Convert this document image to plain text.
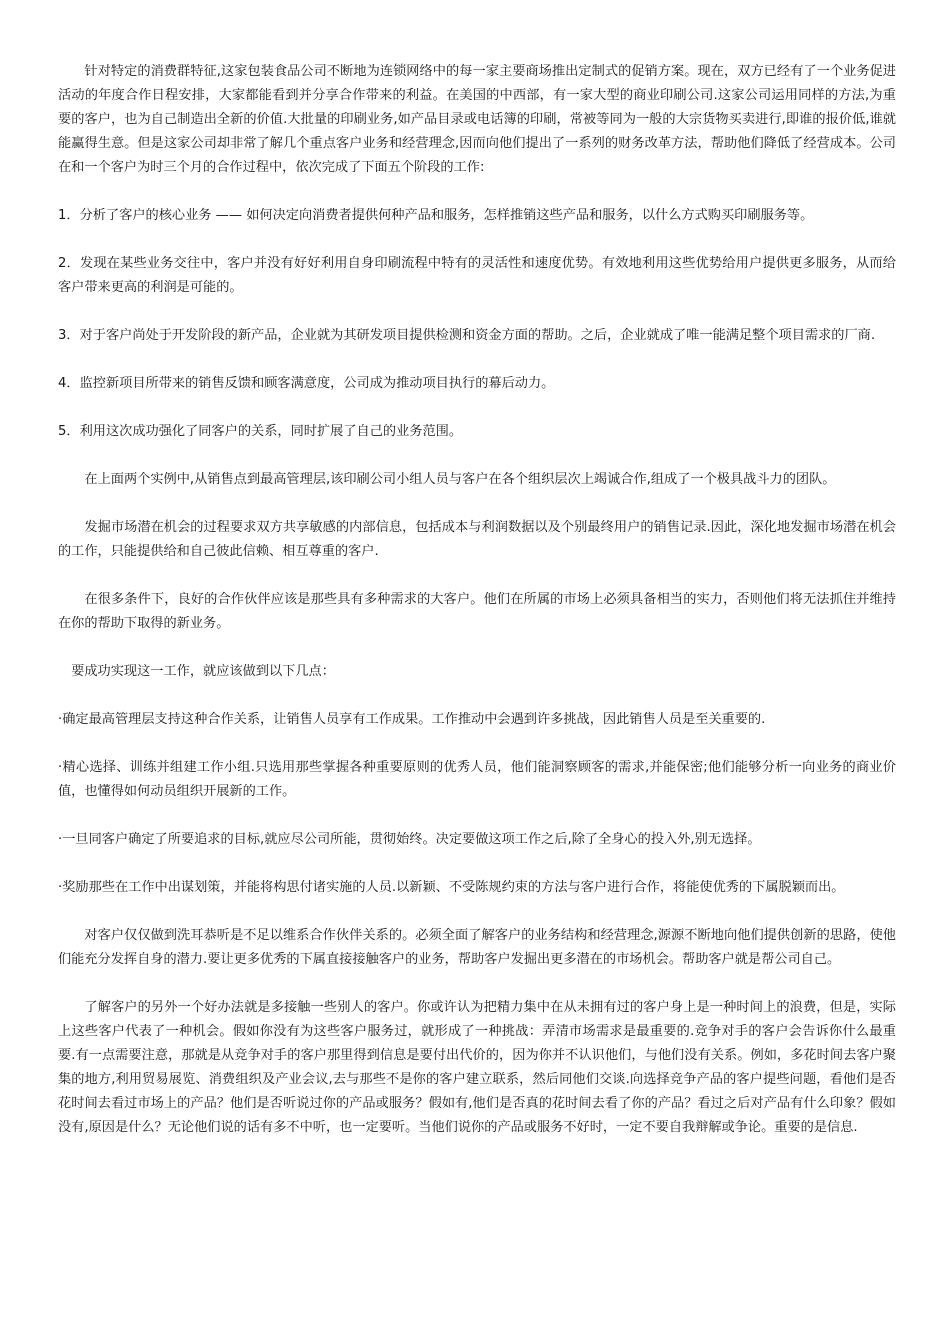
针对特定的消费群特征,这家包装食品公司不断地为连锁网络中的每一家主要商场推出定制式的促销方案。现在，双方已经有了一个业务促进活动的年度合作日程安排，大家都能看到并分享合作带来的利益。在美国的中西部，有一家大型的商业印刷公司.这家公司运用同样的方法,为重要的客户，也为自己制造出全新的价值.大批量的印刷业务,如产品目录或电话簿的印刷，常被等同为一般的大宗货物买卖进行,即谁的报价低,谁就能赢得生意。但是这家公司却非常了解几个重点客户业务和经营理念,因而向他们提出了一系列的财务改革方法，帮助他们降低了经营成本。公司在和一个客户为时三个月的合作过程中，依次完成了下面五个阶段的工作:

1．分析了客户的核心业务 —— 如何决定向消费者提供何种产品和服务，怎样推销这些产品和服务，以什么方式购买印刷服务等。

2．发现在某些业务交往中，客户并没有好好利用自身印刷流程中特有的灵活性和速度优势。有效地利用这些优势给用户提供更多服务，从而给客户带来更高的利润是可能的。

3．对于客户尚处于开发阶段的新产品，企业就为其研发项目提供检测和资金方面的帮助。之后，企业就成了唯一能满足整个项目需求的厂商.

4．监控新项目所带来的销售反馈和顾客满意度，公司成为推动项目执行的幕后动力。

5．利用这次成功强化了同客户的关系，同时扩展了自己的业务范围。

在上面两个实例中,从销售点到最高管理层,该印刷公司小组人员与客户在各个组织层次上竭诚合作,组成了一个极具战斗力的团队。

发掘市场潜在机会的过程要求双方共享敏感的内部信息，包括成本与利润数据以及个别最终用户的销售记录.因此，深化地发掘市场潜在机会的工作，只能提供给和自己彼此信赖、相互尊重的客户.

在很多条件下，良好的合作伙伴应该是那些具有多种需求的大客户。他们在所属的市场上必须具备相当的实力，否则他们将无法抓住并维持在你的帮助下取得的新业务。

要成功实现这一工作，就应该做到以下几点：

·确定最高管理层支持这种合作关系，让销售人员享有工作成果。工作推动中会遇到许多挑战，因此销售人员是至关重要的.

·精心选择、训练并组建工作小组.只选用那些掌握各种重要原则的优秀人员，他们能洞察顾客的需求,并能保密;他们能够分析一向业务的商业价值，也懂得如何动员组织开展新的工作。

·一旦同客户确定了所要追求的目标,就应尽公司所能，贯彻始终。决定要做这项工作之后,除了全身心的投入外,别无选择。

·奖励那些在工作中出谋划策，并能将构思付诸实施的人员.以新颖、不受陈规约束的方法与客户进行合作，将能使优秀的下属脱颖而出。

对客户仅仅做到洗耳恭听是不足以维系合作伙伴关系的。必须全面了解客户的业务结构和经营理念,源源不断地向他们提供创新的思路，使他们能充分发挥自身的潜力.要让更多优秀的下属直接接触客户的业务，帮助客户发掘出更多潜在的市场机会。帮助客户就是帮公司自己。

了解客户的另外一个好办法就是多接触一些别人的客户。你或许认为把精力集中在从未拥有过的客户身上是一种时间上的浪费，但是，实际上这些客户代表了一种机会。假如你没有为这些客户服务过，就形成了一种挑战：弄清市场需求是最重要的.竞争对手的客户会告诉你什么最重要.有一点需要注意，那就是从竞争对手的客户那里得到信息是要付出代价的，因为你并不认识他们，与他们没有关系。例如，多花时间去客户聚集的地方,利用贸易展览、消费组织及产业会议,去与那些不是你的客户建立联系，然后同他们交谈.向选择竞争产品的客户提些问题，看他们是否花时间去看过市场上的产品？他们是否听说过你的产品或服务？假如有,他们是否真的花时间去看了你的产品？看过之后对产品有什么印象？假如没有,原因是什么？无论他们说的话有多不中听，也一定要听。当他们说你的产品或服务不好时，一定不要自我辩解或争论。重要的是信息.
